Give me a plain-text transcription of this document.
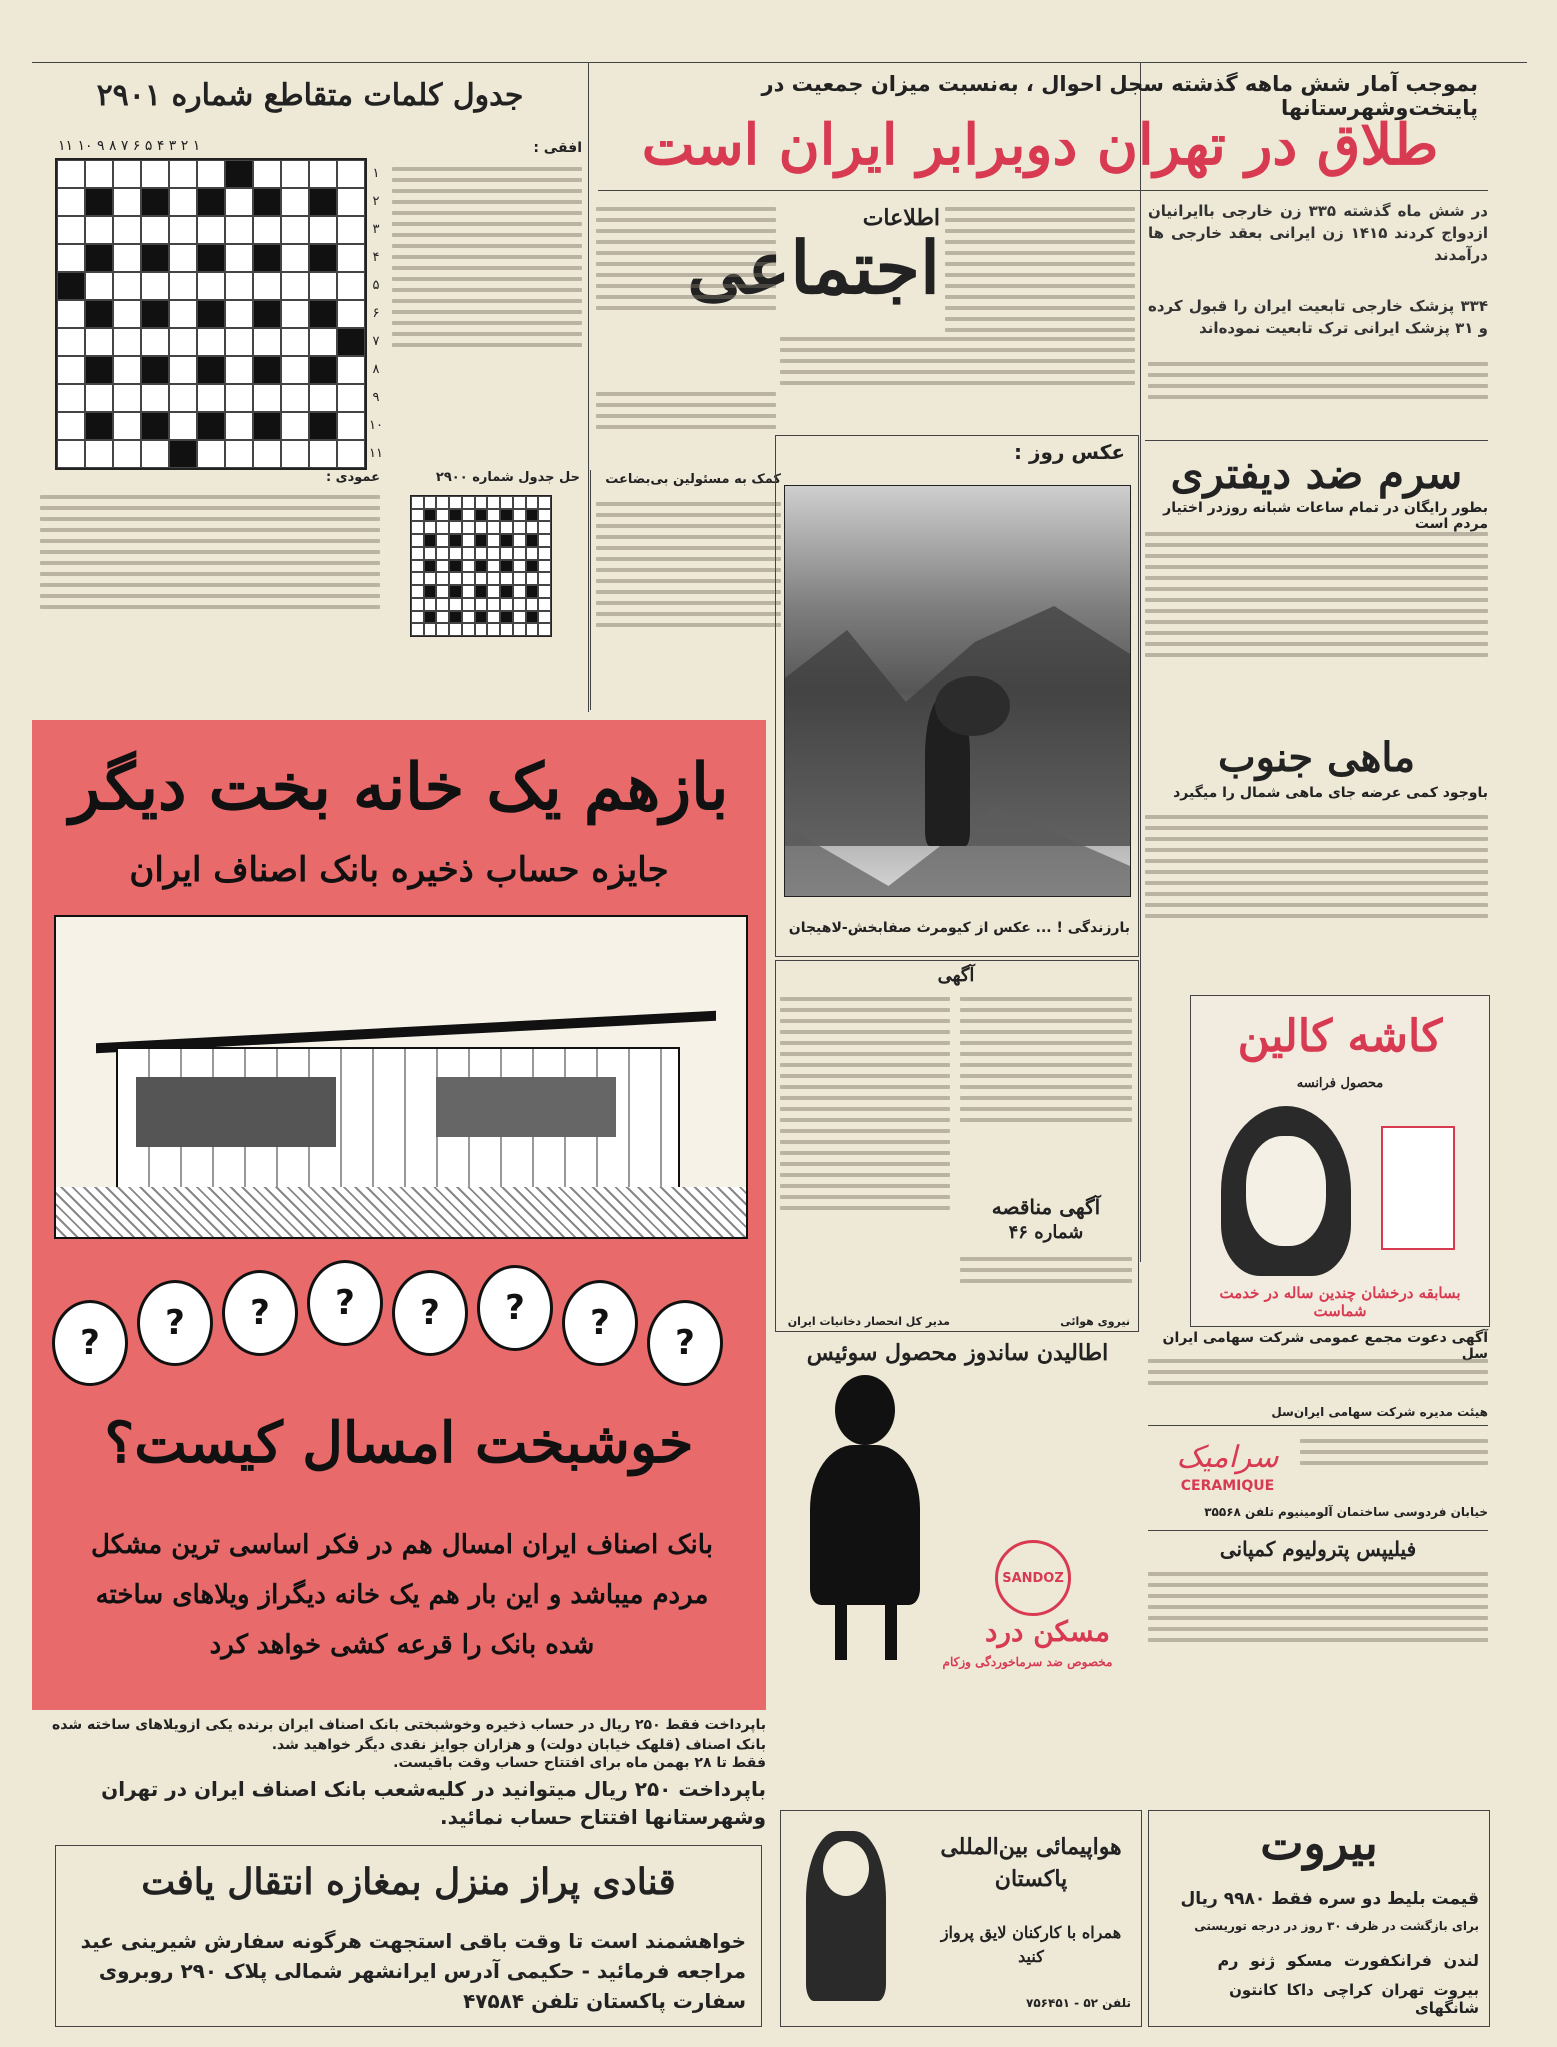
بموجب آمار شش ماهه گذشته سجل احوال ، به‌نسبت میزان جمعیت در پایتخت‌وشهرستانها
طلاق در تهران دوبرابر ایران است
در شش ماه گذشته ۳۳۵ زن خارجی باایرانیان ازدواج کردند ۱۴۱۵ زن ایرانی بعقد خارجی ها درآمدند
۳۳۴ پزشک خارجی تابعیت ایران را قبول کرده و ۳۱ پزشک ایرانی ترک تابعیت نموده‌اند
اطلاعات
اجتماعی
جدول کلمات متقاطع شماره ۲۹۰۱
۱۱ ۱۰ ۹ ۸ ۷ ۶ ۵ ۴ ۳ ۲ ۱
۱
۲
۳
۴
۵
۶
۷
۸
۹
۱۰
۱۱
افقی :
حل جدول شماره ۲۹۰۰
عمودی :	کمک به مسئولین بی‌بضاعت
عکس روز :
بارزندگی ! ... عکس از کیومرث صفابخش-لاهیجان
سرم ضد دیفتری
بطور رایگان در تمام ساعات شبانه روزدر اختیار مردم است
ماهی جنوب
باوجود کمی عرضه جای ماهی شمال را میگیرد
بازهم یک خانه بخت دیگر
جایزه حساب ذخیره بانک اصناف ایران
?	?	?	?	?	?	?	?
خوشبخت امسال کیست؟
بانک اصناف ایران امسال هم در فکر اساسی ترین مشکل مردم میباشد و این بار هم یک خانه دیگراز ویلاهای ساخته شده بانک را قرعه کشی خواهد کرد
باپرداخت فقط ۲۵۰ ریال در حساب ذخیره وخوشبختی بانک اصناف ایران برنده یکی ازویلاهای ساخته شده بانک اصناف (قلهک خیابان دولت) و هزاران جوایز نقدی دیگر خواهید شد.
فقط تا ۲۸ بهمن ماه برای افتتاح حساب وقت باقیست.
باپرداخت ۲۵۰ ریال میتوانید در کلیه‌شعب بانک اصناف ایران در تهران وشهرستانها افتتاح حساب نمائید.
آگهی
آگهی مناقصه
شماره ۴۶
مدیر کل انحصار دخانیات ایران	نیروی هوائی
کاشه کالین
محصول فرانسه
بسابقه درخشان چندین ساله در خدمت شماست
آگهی دعوت مجمع عمومی شرکت سهامی ایران سل
هیئت مدیره شرکت سهامی ایران‌سل
سرامیک
CERAMIQUE
خیابان فردوسی ساختمان آلومینیوم تلفن ۳۵۵۶۸
فیلیپس پترولیوم کمپانی
اطالیدن ساندوز محصول سوئیس
SANDOZ
مسکن درد
مخصوص ضد سرماخوردگی وزکام
قنادی پراز منزل بمغازه انتقال یافت
خواهشمند است تا وقت باقی استجهت هرگونه سفارش شیرینی عید مراجعه فرمائید - حکیمی آدرس ایرانشهر شمالی پلاک ۲۹۰ روبروی سفارت پاکستان تلفن ۴۷۵۸۴
هواپیمائی بین‌المللی پاکستان
همراه با کارکنان لایق پرواز کنید
تلفن ۵۲ - ۷۵۶۴۵۱
بیروت
قیمت بلیط دو سره فقط ۹۹۸۰ ریال
برای بازگشت در ظرف ۳۰ روز در درجه توریستی
لندن فرانکفورت مسکو ژنو رم
بیروت تهران کراچی داکا کانتون شانگهای
